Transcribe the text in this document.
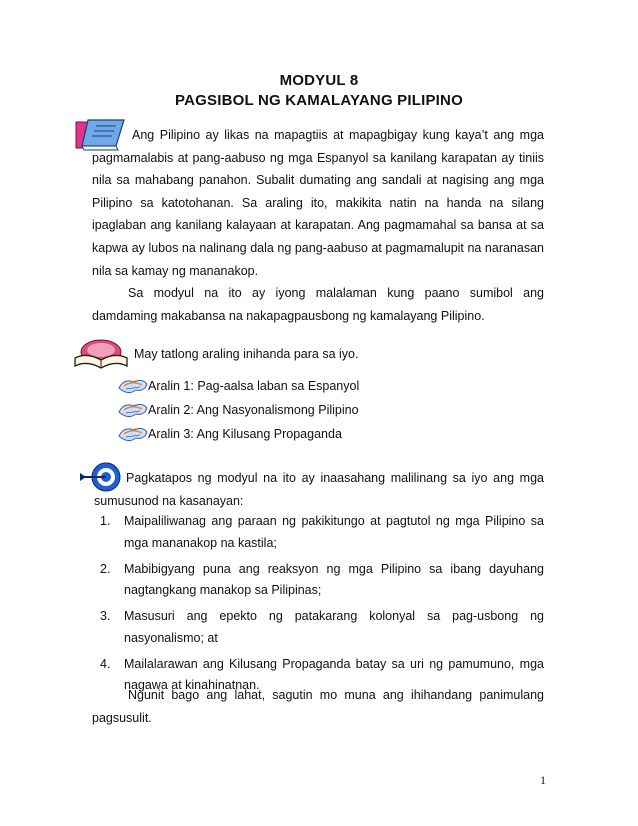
MODYUL 8
PAGSIBOL NG KAMALAYANG PILIPINO
Ang Pilipino ay likas na mapagtiis at mapagbigay kung kaya’t ang mga
pagmamalabis at pang-aabuso ng mga Espanyol sa kanilang karapatan ay tiniis nila sa mahabang panahon. Subalit dumating ang sandali at nagising ang mga Pilipino sa katotohanan. Sa araling ito, makikita natin na handa na silang ipaglaban ang kanilang kalayaan at karapatan. Ang pagmamahal sa bansa at sa kapwa ay lubos na nalinang dala ng pang-aabuso at pagmamalupit na naranasan nila sa kamay ng mananakop.
Sa modyul na ito ay iyong malalaman kung paano sumibol ang damdaming makabansa na nakapagpausbong ng kamalayang Pilipino.
May tatlong araling inihanda para sa iyo.
Aralin 1: Pag-aalsa laban sa Espanyol
Aralin 2: Ang Nasyonalismong Pilipino
Aralin 3: Ang Kilusang Propaganda
Pagkatapos ng modyul na ito ay inaasahang malilinang sa iyo ang mga
sumusunod na kasanayan:
1. Maipaliliwanag ang paraan ng pakikitungo at pagtutol ng mga Pilipino sa mga mananakop na kastila;
2. Mabibigyang puna ang reaksyon ng mga Pilipino sa ibang dayuhang nagtangkang manakop sa Pilipinas;
3. Masusuri ang epekto ng patakarang kolonyal sa pag-usbong ng nasyonalismo; at
4. Mailalarawan ang Kilusang Propaganda batay sa uri ng pamumuno, mga nagawa at kinahinatnan.
Ngunit bago ang lahat, sagutin mo muna ang ihihandang panimulang pagsusulit.
1
